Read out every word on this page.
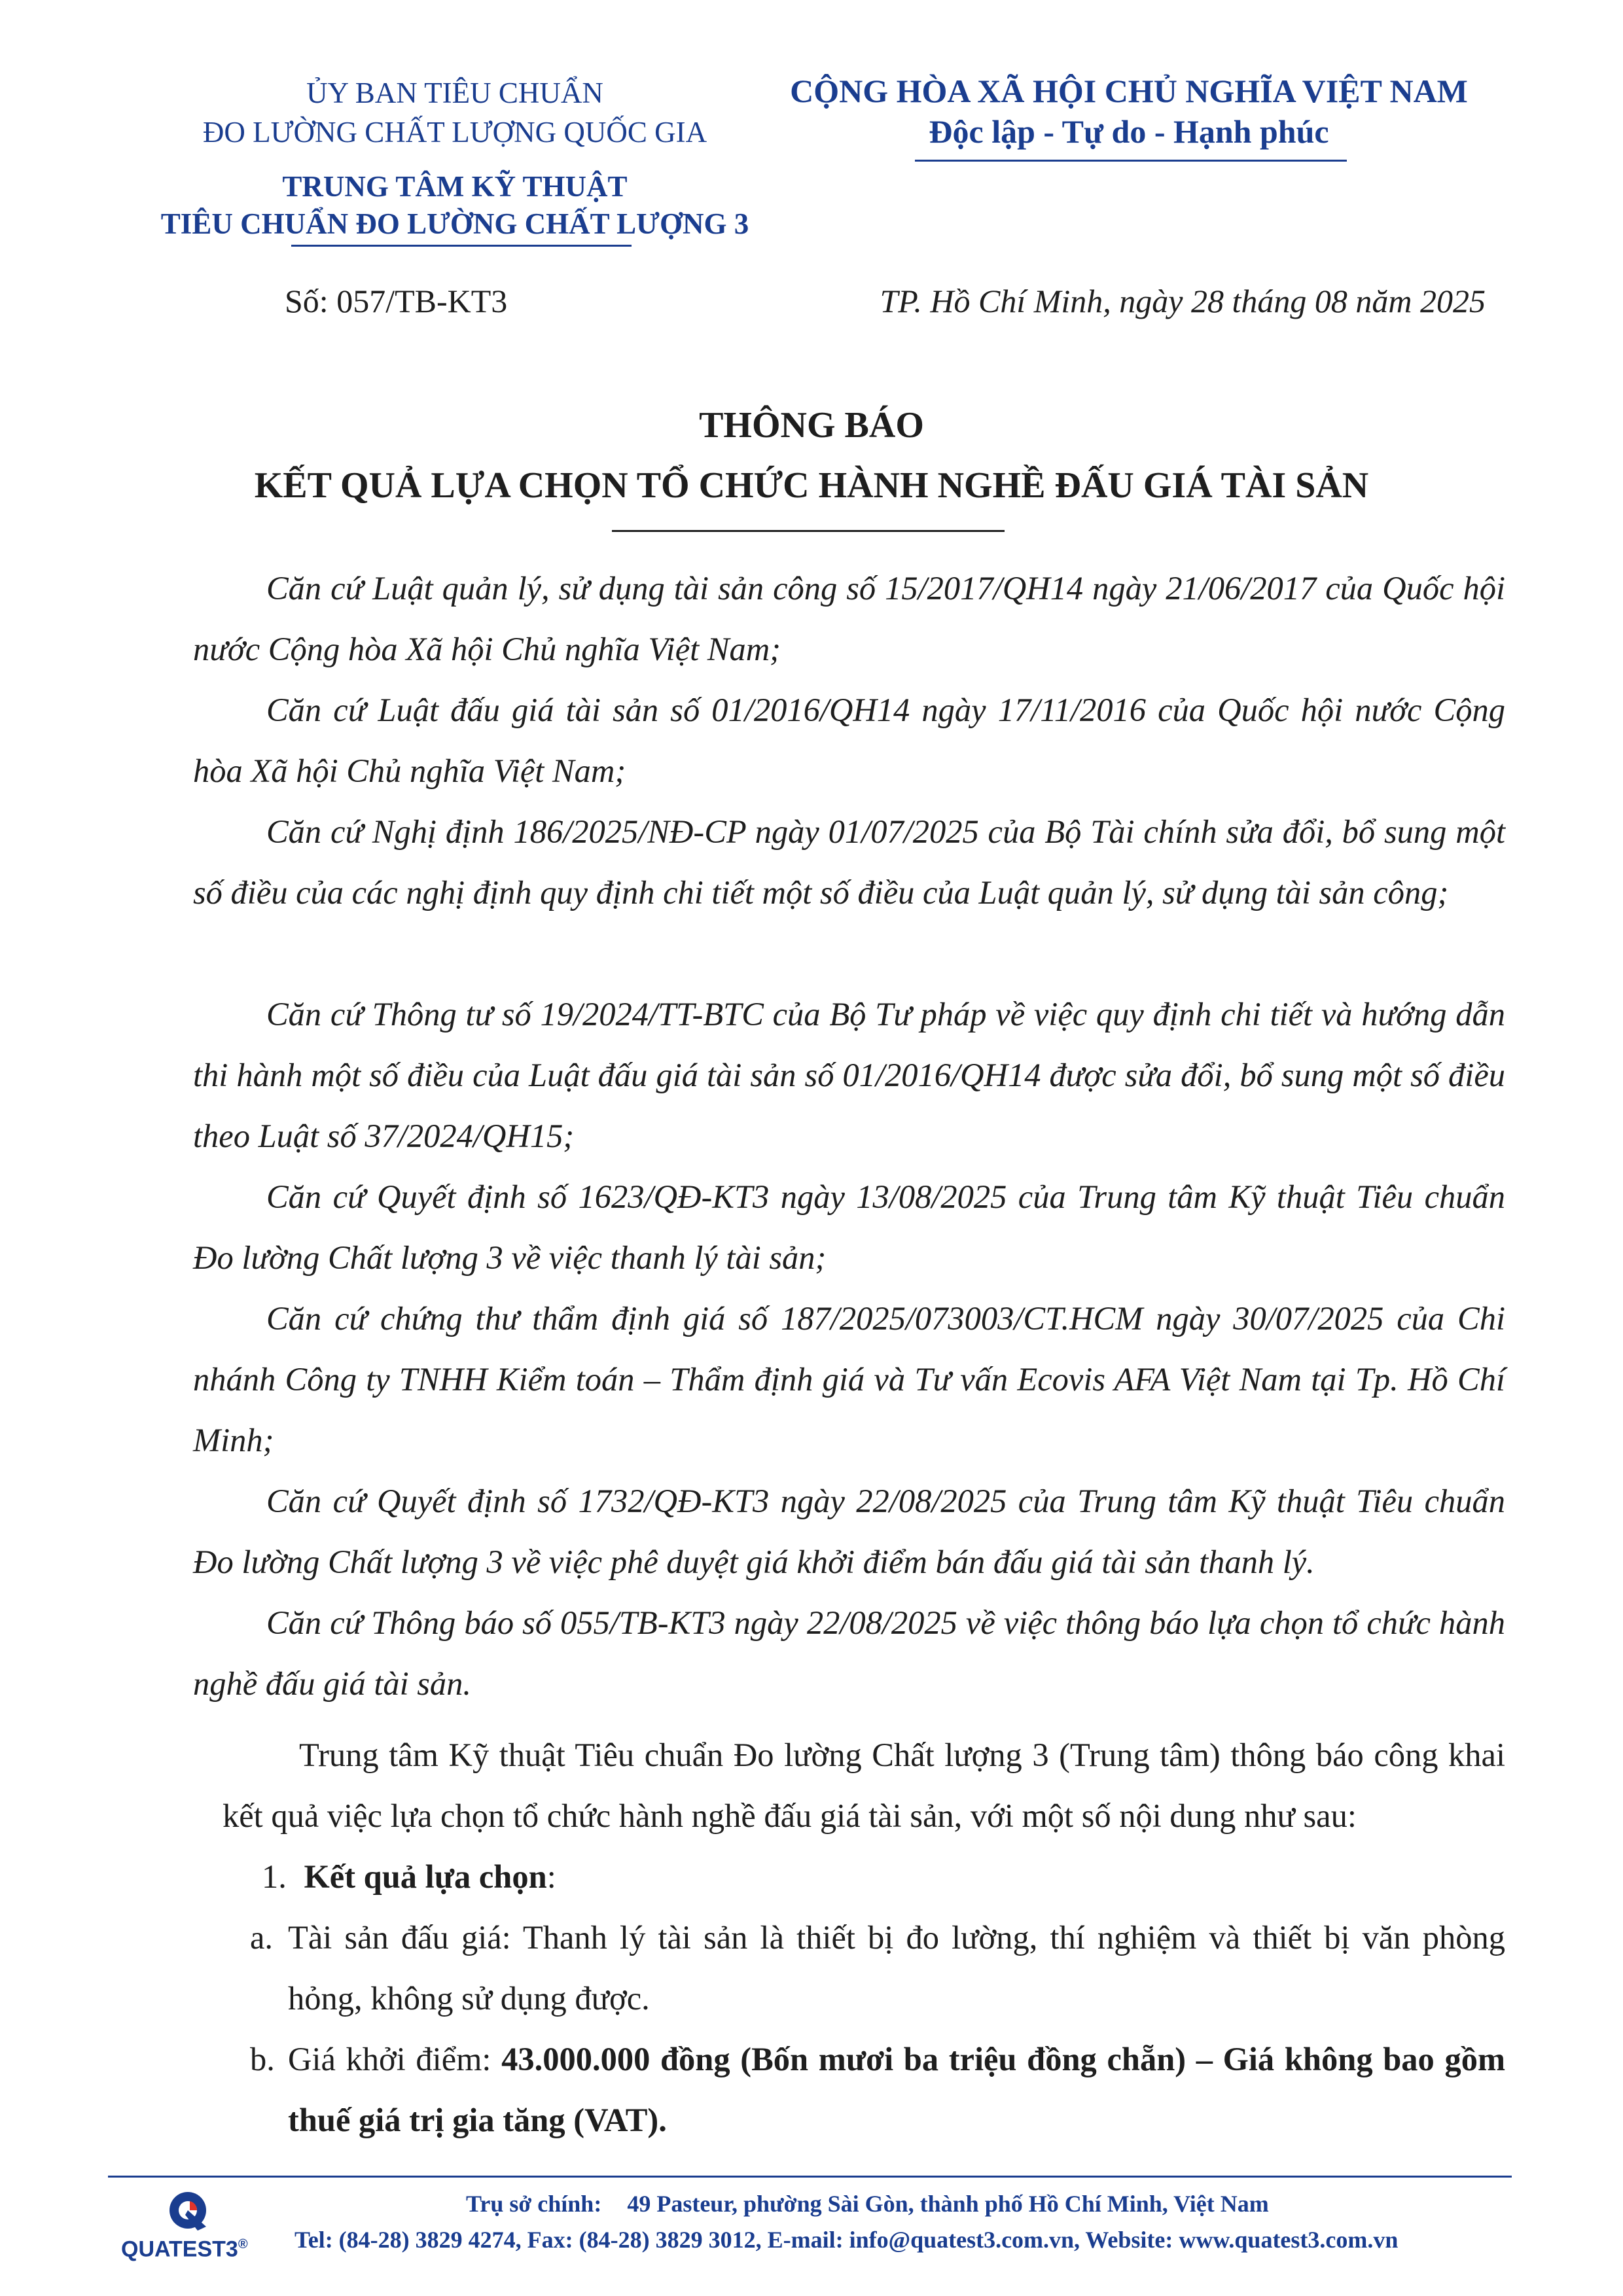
ỦY BAN TIÊU CHUẨN
ĐO LƯỜNG CHẤT LƯỢNG QUỐC GIA
TRUNG TÂM KỸ THUẬT
TIÊU CHUẨN ĐO LƯỜNG CHẤT LƯỢNG 3
CỘNG HÒA XÃ HỘI CHỦ NGHĨA VIỆT NAM
Độc lập - Tự do - Hạnh phúc
Số: 057/TB-KT3	TP. Hồ Chí Minh, ngày 28 tháng 08 năm 2025
THÔNG BÁO
KẾT QUẢ LỰA CHỌN TỔ CHỨC HÀNH NGHỀ ĐẤU GIÁ TÀI SẢN
Căn cứ Luật quản lý, sử dụng tài sản công số 15/2017/QH14 ngày 21/06/2017 của Quốc hội nước Cộng hòa Xã hội Chủ nghĩa Việt Nam;
Căn cứ Luật đấu giá tài sản số 01/2016/QH14 ngày 17/11/2016 của Quốc hội nước Cộng hòa Xã hội Chủ nghĩa Việt Nam;
Căn cứ Nghị định 186/2025/NĐ-CP ngày 01/07/2025 của Bộ Tài chính sửa đổi, bổ sung một số điều của các nghị định quy định chi tiết một số điều của Luật quản lý, sử dụng tài sản công;
Căn cứ Thông tư số 19/2024/TT-BTC của Bộ Tư pháp về việc quy định chi tiết và hướng dẫn thi hành một số điều của Luật đấu giá tài sản số 01/2016/QH14 được sửa đổi, bổ sung một số điều theo Luật số 37/2024/QH15;
Căn cứ Quyết định số 1623/QĐ-KT3 ngày 13/08/2025 của Trung tâm Kỹ thuật Tiêu chuẩn Đo lường Chất lượng 3 về việc thanh lý tài sản;
Căn cứ chứng thư thẩm định giá số 187/2025/073003/CT.HCM ngày 30/07/2025 của Chi nhánh Công ty TNHH Kiểm toán – Thẩm định giá và Tư vấn Ecovis AFA Việt Nam tại Tp. Hồ Chí Minh;
Căn cứ Quyết định số 1732/QĐ-KT3 ngày 22/08/2025 của Trung tâm Kỹ thuật Tiêu chuẩn Đo lường Chất lượng 3 về việc phê duyệt giá khởi điểm bán đấu giá tài sản thanh lý.
Căn cứ Thông báo số 055/TB-KT3 ngày 22/08/2025 về việc thông báo lựa chọn tổ chức hành nghề đấu giá tài sản.
Trung tâm Kỹ thuật Tiêu chuẩn Đo lường Chất lượng 3 (Trung tâm) thông báo công khai kết quả việc lựa chọn tổ chức hành nghề đấu giá tài sản, với một số nội dung như sau:
1. Kết quả lựa chọn:
a. Tài sản đấu giá: Thanh lý tài sản là thiết bị đo lường, thí nghiệm và thiết bị văn phòng hỏng, không sử dụng được.
b. Giá khởi điểm: 43.000.000 đồng (Bốn mươi ba triệu đồng chẵn) – Giá không bao gồm thuế giá trị gia tăng (VAT).
QUATEST3®
Trụ sở chính: 49 Pasteur, phường Sài Gòn, thành phố Hồ Chí Minh, Việt Nam
Tel: (84-28) 3829 4274, Fax: (84-28) 3829 3012, E-mail: info@quatest3.com.vn, Website: www.quatest3.com.vn
